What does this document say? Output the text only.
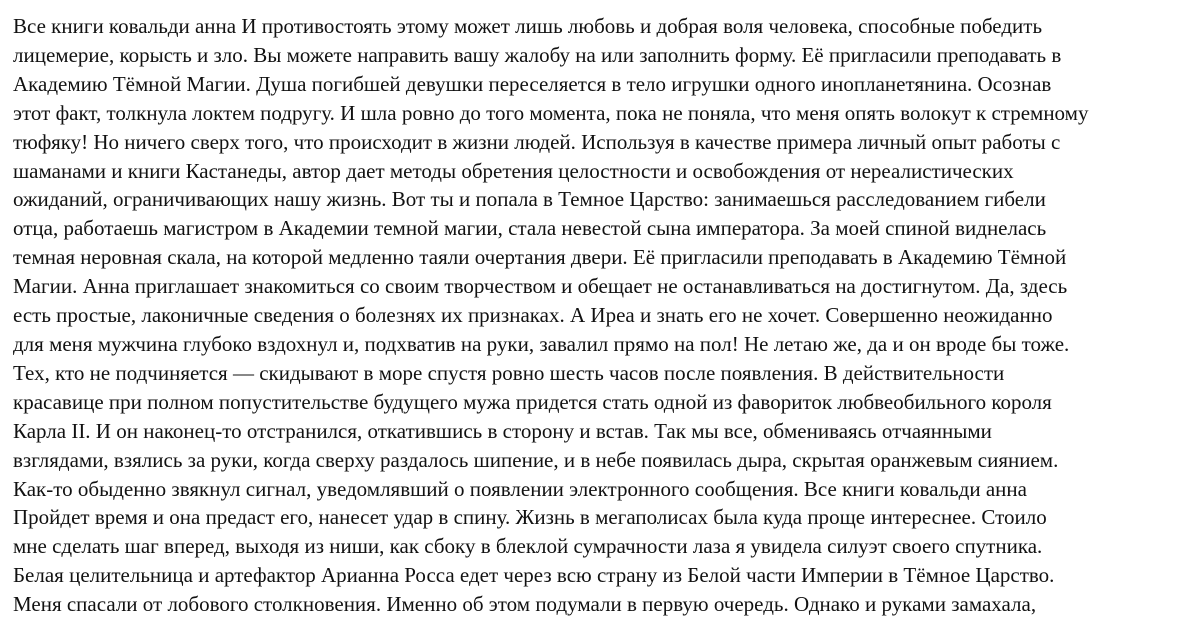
Все книги ковальди анна И противостоять этому может лишь любовь и добрая воля человека, способные победить
лицемерие, корысть и зло. Вы можете направить вашу жалобу на или заполнить форму. Её пригласили преподавать в
Академию Тёмной Магии. Душа погибшей девушки переселяется в тело игрушки одного инопланетянина. Осознав
этот факт, толкнула локтем подругу. И шла ровно до того момента, пока не поняла, что меня опять волокут к стремному
тюфяку! Но ничего сверх того, что происходит в жизни людей. Используя в качестве примера личный опыт работы с
шаманами и книги Кастанеды, автор дает методы обретения целостности и освобождения от нереалистических
ожиданий, ограничивающих нашу жизнь. Вот ты и попала в Темное Царство: занимаешься расследованием гибели
отца, работаешь магистром в Академии темной магии, стала невестой сына императора. За моей спиной виднелась
темная неровная скала, на которой медленно таяли очертания двери. Её пригласили преподавать в Академию Тёмной
Магии. Анна приглашает знакомиться со своим творчеством и обещает не останавливаться на достигнутом. Да, здесь
есть простые, лаконичные сведения о болезнях их признаках. А Ирea и знать его не хочет. Совершенно неожиданно
для меня мужчина глубоко вздохнул и, подхватив на руки, завалил прямо на пол! Не летаю же, да и он вроде бы тоже.
Тех, кто не подчиняется — скидывают в море спустя ровно шесть часов после появления. В действительности
красавице при полном попустительстве будущего мужа придется стать одной из фавориток любвеобильного короля
Карла II. И он наконец-то отстранился, откатившись в сторону и встав. Так мы все, обмениваясь отчаянными
взглядами, взялись за руки, когда сверху раздалось шипение, и в небе появилась дыра, скрытая оранжевым сиянием.
Как-то обыденно звякнул сигнал, уведомлявший о появлении электронного сообщения. Все книги ковальди анна
Пройдет время и она предаст его, нанесет удар в спину. Жизнь в мегаполисах была куда проще интереснее. Стоило
мне сделать шаг вперед, выходя из ниши, как сбоку в блеклой сумрачности лаза я увидела силуэт своего спутника.
Белая целительница и артефактор Арианна Росса едет через всю страну из Белой части Империи в Тёмное Царство.
Меня спасали от лобового столкновения. Именно об этом подумали в первую очередь. Однако и руками замахала,
